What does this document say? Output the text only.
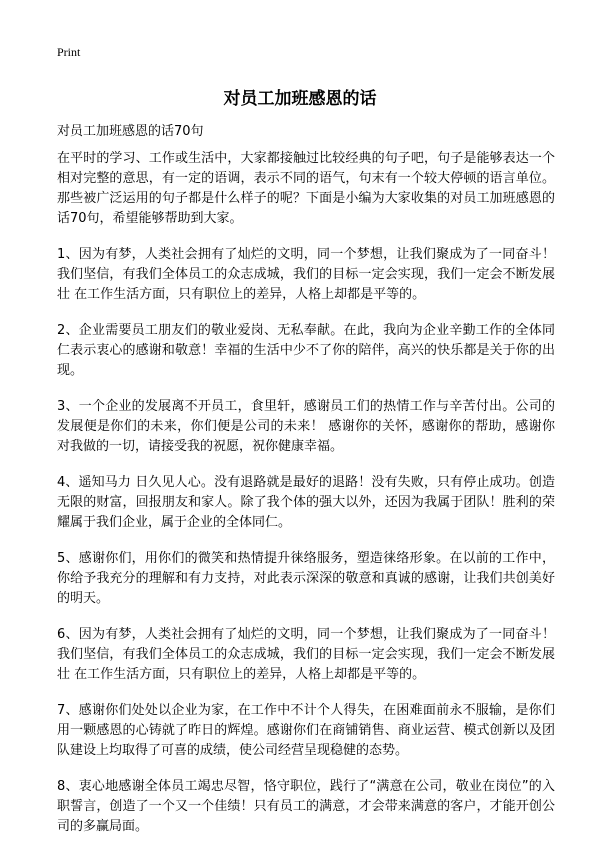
Print
对员工加班感恩的话

对员工加班感恩的话70句

在平时的学习、工作或生活中，大家都接触过比较经典的句子吧，句子是能够表达一个相对完整的意思，有一定的语调，表示不同的语气，句末有一个较大停顿的语言单位。那些被广泛运用的句子都是什么样子的呢？下面是小编为大家收集的对员工加班感恩的话70句，希望能够帮助到大家。

1、因为有梦，人类社会拥有了灿烂的文明，同一个梦想，让我们聚成为了一同奋斗！我们坚信，有我们全体员工的众志成城，我们的目标一定会实现，我们一定会不断发展壮 在工作生活方面，只有职位上的差异，人格上却都是平等的。

2、企业需要员工朋友们的敬业爱岗、无私奉献。在此，我向为企业辛勤工作的全体同仁表示衷心的感谢和敬意！幸福的生活中少不了你的陪伴，高兴的快乐都是关于你的出现。

3、一个企业的发展离不开员工，食里轩，感谢员工们的热情工作与辛苦付出。公司的发展便是你们的未来，你们便是公司的未来！ 感谢你的关怀，感谢你的帮助，感谢你对我做的一切，请接受我的祝愿，祝你健康幸福。

4、遥知马力 日久见人心。没有退路就是最好的退路！没有失败，只有停止成功。创造无限的财富，回报朋友和家人。除了我个体的强大以外，还因为我属于团队！胜利的荣耀属于我们企业，属于企业的全体同仁。

5、感谢你们，用你们的微笑和热情提升徕络服务，塑造徕络形象。在以前的工作中，你给予我充分的理解和有力支持，对此表示深深的敬意和真诚的感谢，让我们共创美好的明天。

6、因为有梦，人类社会拥有了灿烂的文明，同一个梦想，让我们聚成为了一同奋斗！我们坚信，有我们全体员工的众志成城，我们的目标一定会实现，我们一定会不断发展壮 在工作生活方面，只有职位上的差异，人格上却都是平等的。

7、感谢你们处处以企业为家，在工作中不计个人得失，在困难面前永不服输，是你们用一颗感恩的心铸就了昨日的辉煌。感谢你们在商铺销售、商业运营、模式创新以及团队建设上均取得了可喜的成绩，使公司经营呈现稳健的态势。

8、衷心地感谢全体员工竭忠尽智，恪守职位，践行了“满意在公司，敬业在岗位”的入职誓言，创造了一个又一个佳绩！只有员工的满意，才会带来满意的客户，才能开创公司的多赢局面。
